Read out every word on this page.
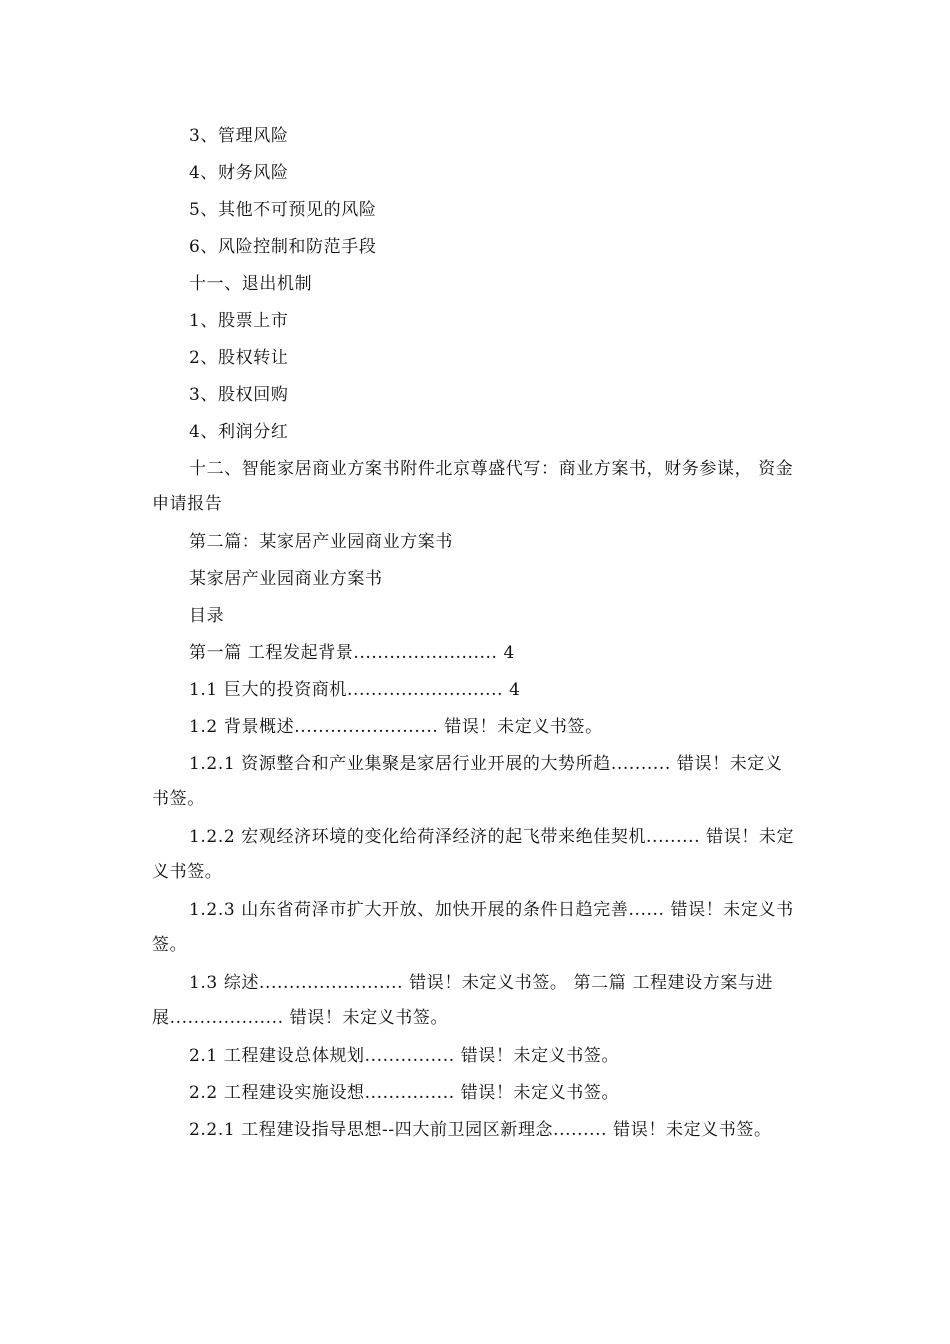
3、管理风险

4、财务风险

5、其他不可预见的风险

6、风险控制和防范手段

十一、退出机制

1、股票上市

2、股权转让

3、股权回购

4、利润分红

十二、智能家居商业方案书附件北京尊盛代写：商业方案书，财务参谋， 资金申请报告

第二篇：某家居产业园商业方案书

某家居产业园商业方案书

目录

第一篇 工程发起背景........................ 4

1.1 巨大的投资商机.......................... 4

1.2 背景概述........................ 错误！未定义书签。

1.2.1 资源整合和产业集聚是家居行业开展的大势所趋.......... 错误！未定义书签。

1.2.2 宏观经济环境的变化给荷泽经济的起飞带来绝佳契机......... 错误！未定义书签。

1.2.3 山东省荷泽市扩大开放、加快开展的条件日趋完善...... 错误！未定义书签。

1.3 综述........................ 错误！未定义书签。 第二篇 工程建设方案与进展................... 错误！未定义书签。

2.1 工程建设总体规划............... 错误！未定义书签。

2.2 工程建设实施设想............... 错误！未定义书签。

2.2.1 工程建设指导思想--四大前卫园区新理念......... 错误！未定义书签。
